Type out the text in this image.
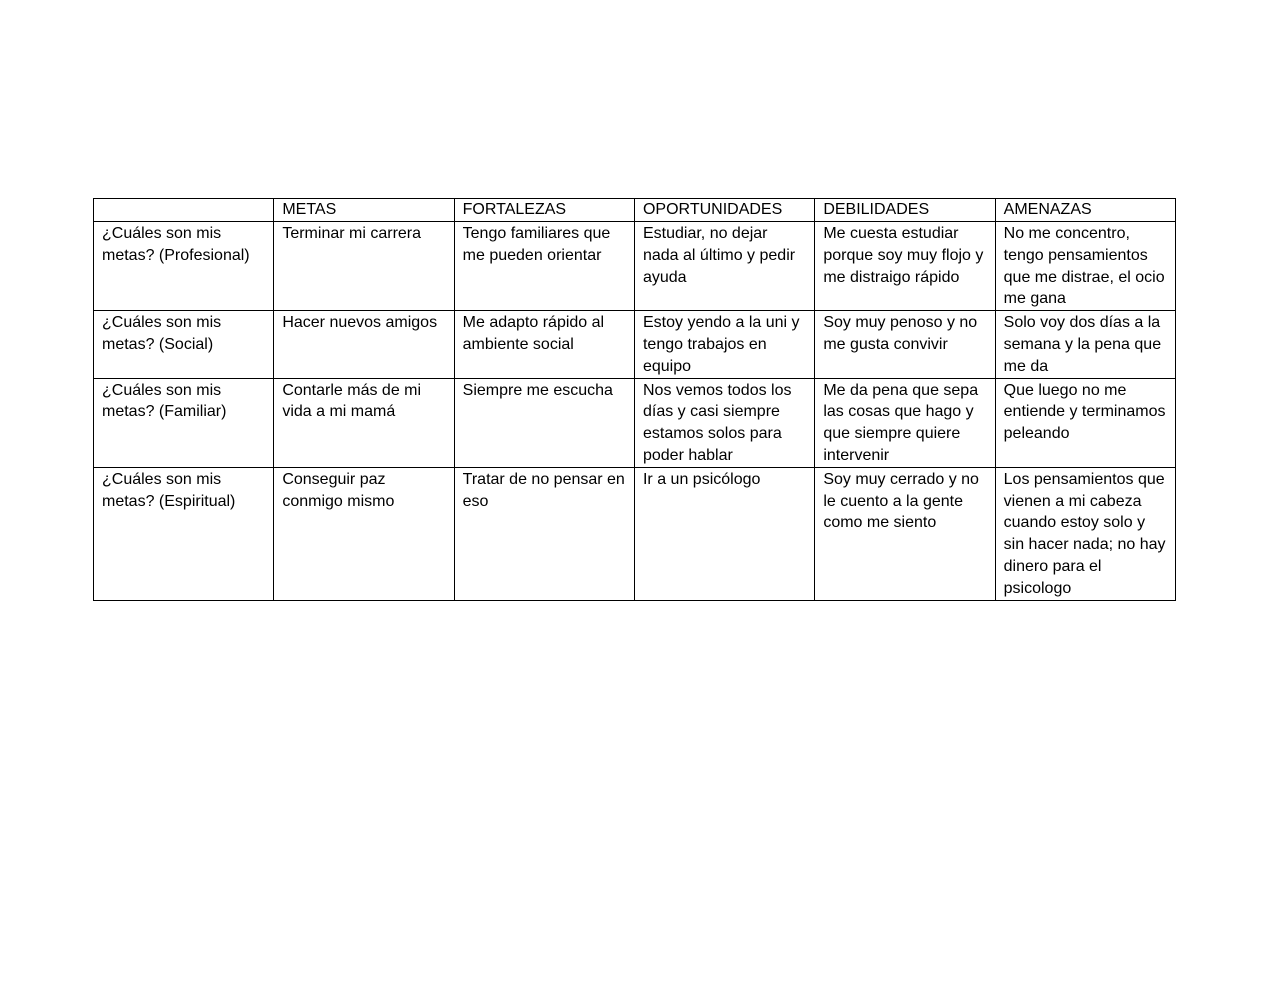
	METAS	FORTALEZAS	OPORTUNIDADES	DEBILIDADES	AMENAZAS
¿Cuáles son mis metas? (Profesional)	Terminar mi carrera	Tengo familiares que me pueden orientar	Estudiar, no dejar nada al último y pedir ayuda	Me cuesta estudiar porque soy muy flojo y me distraigo rápido	No me concentro, tengo pensamientos que me distrae, el ocio me gana
¿Cuáles son mis metas? (Social)	Hacer nuevos amigos	Me adapto rápido al ambiente social	Estoy yendo a la uni y tengo trabajos en equipo	Soy muy penoso y no me gusta convivir	Solo voy dos días a la semana y la pena que me da
¿Cuáles son mis metas? (Familiar)	Contarle más de mi vida a mi mamá	Siempre me escucha	Nos vemos todos los días y casi siempre estamos solos para poder hablar	Me da pena que sepa las cosas que hago y que siempre quiere intervenir	Que luego no me entiende y terminamos peleando
¿Cuáles son mis metas? (Espiritual)	Conseguir paz conmigo mismo	Tratar de no pensar en eso	Ir a un psicólogo	Soy muy cerrado y no le cuento a la gente como me siento	Los pensamientos que vienen a mi cabeza cuando estoy solo y sin hacer nada; no hay dinero para el psicologo
